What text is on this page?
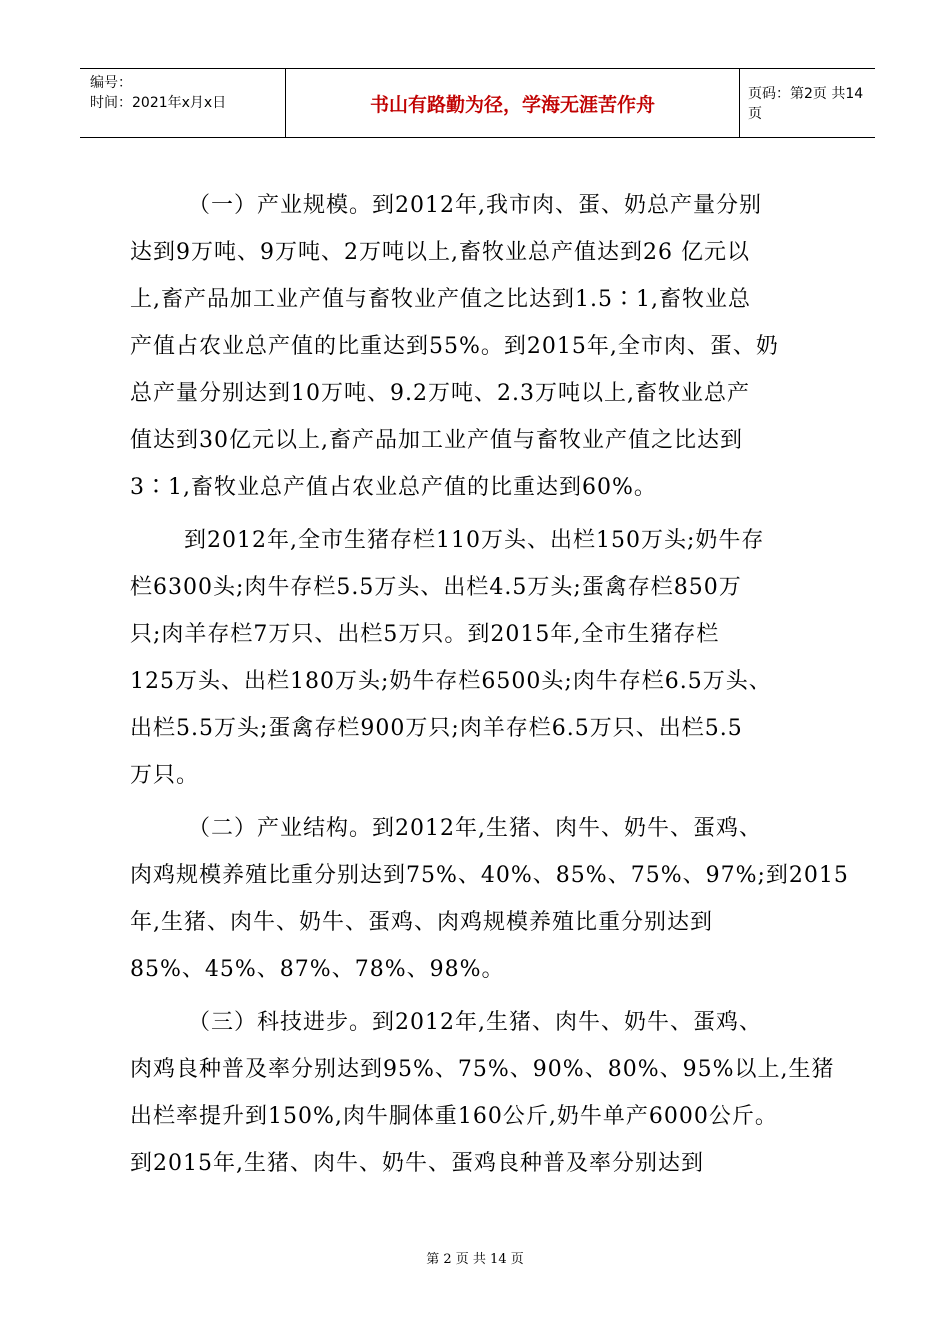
编号：
时间：2021年x月x日	书山有路勤为径，学海无涯苦作舟	页码：第2页 共14页
（一）产业规模。到2012年,我市肉、蛋、奶总产量分别
达到9万吨、9万吨、2万吨以上,畜牧业总产值达到26 亿元以
上,畜产品加工业产值与畜牧业产值之比达到1.5∶1,畜牧业总
产值占农业总产值的比重达到55%。到2015年,全市肉、蛋、奶
总产量分别达到10万吨、9.2万吨、2.3万吨以上,畜牧业总产
值达到30亿元以上,畜产品加工业产值与畜牧业产值之比达到
3∶1,畜牧业总产值占农业总产值的比重达到60%。
到2012年,全市生猪存栏110万头、出栏150万头;奶牛存
栏6300头;肉牛存栏5.5万头、出栏4.5万头;蛋禽存栏850万
只;肉羊存栏7万只、出栏5万只。到2015年,全市生猪存栏
125万头、出栏180万头;奶牛存栏6500头;肉牛存栏6.5万头、
出栏5.5万头;蛋禽存栏900万只;肉羊存栏6.5万只、出栏5.5
万只。
（二）产业结构。到2012年,生猪、肉牛、奶牛、蛋鸡、
肉鸡规模养殖比重分别达到75%、40%、85%、75%、97%;到2015
年,生猪、肉牛、奶牛、蛋鸡、肉鸡规模养殖比重分别达到
85%、45%、87%、78%、98%。
（三）科技进步。到2012年,生猪、肉牛、奶牛、蛋鸡、
肉鸡良种普及率分别达到95%、75%、90%、80%、95%以上,生猪
出栏率提升到150%,肉牛胴体重160公斤,奶牛单产6000公斤。
到2015年,生猪、肉牛、奶牛、蛋鸡良种普及率分别达到
第 2 页 共 14 页
